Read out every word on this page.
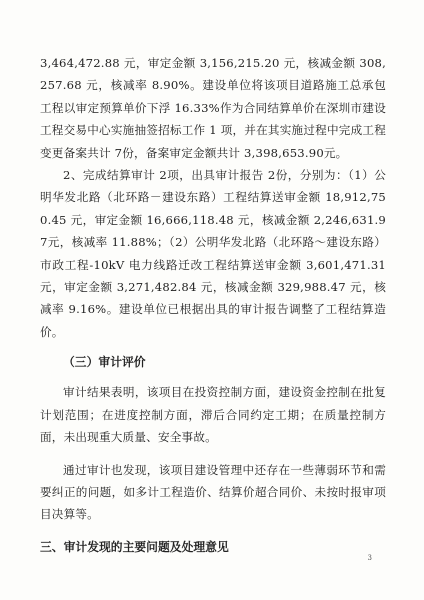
3,464,472.88 元，审定金额 3,156,215.20 元，核减金额 308,257.68 元，核减率 8.90%。建设单位将该项目道路施工总承包工程以审定预算单价下浮 16.33%作为合同结算单价在深圳市建设工程交易中心实施抽签招标工作 1 项，并在其实施过程中完成工程变更备案共计 7份，备案审定金额共计 3,398,653.90元。

2、完成结算审计 2项，出具审计报告 2份，分别为：（1）公明华发北路（北环路－建设东路）工程结算送审金额 18,912,750.45 元，审定金额 16,666,118.48 元，核减金额 2,246,631.97元，核减率 11.88%；（2）公明华发北路（北环路～建设东路）市政工程-10kV 电力线路迁改工程结算送审金额 3,601,471.31 元，审定金额 3,271,482.84 元，核减金额 329,988.47 元，核减率 9.16%。建设单位已根据出具的审计报告调整了工程结算造价。

（三）审计评价

审计结果表明，该项目在投资控制方面，建设资金控制在批复计划范围；在进度控制方面，滞后合同约定工期；在质量控制方面，未出现重大质量、安全事故。

通过审计也发现，该项目建设管理中还存在一些薄弱环节和需要纠正的问题，如多计工程造价、结算价超合同价、未按时报审项目决算等。

三、审计发现的主要问题及处理意见
3
